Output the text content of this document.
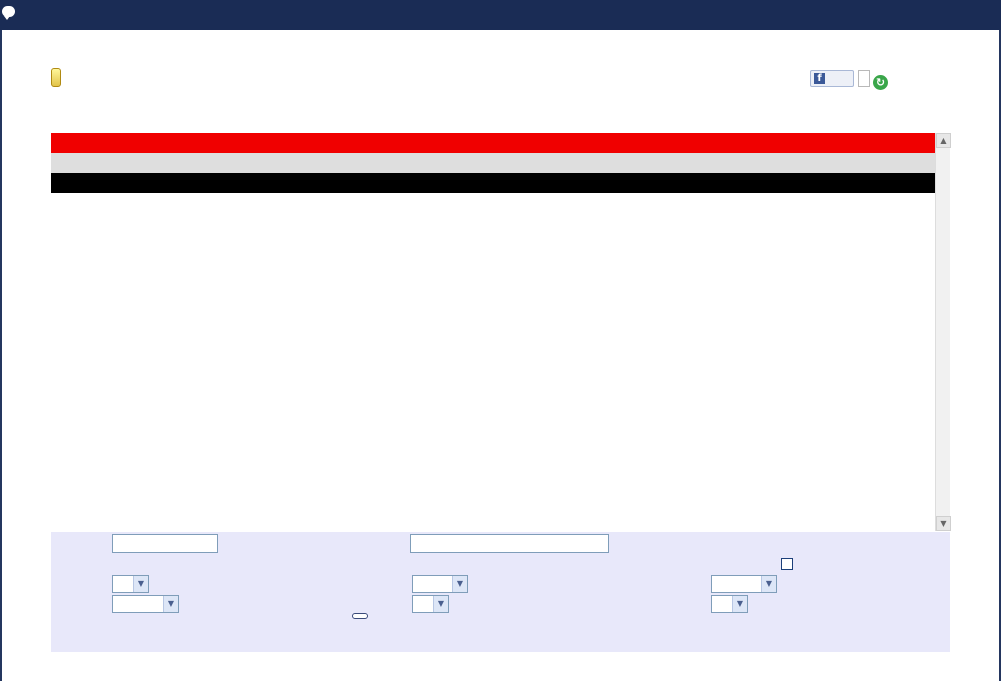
f	↻
▲
▼
▼	▼	▼
▼	▼	▼
